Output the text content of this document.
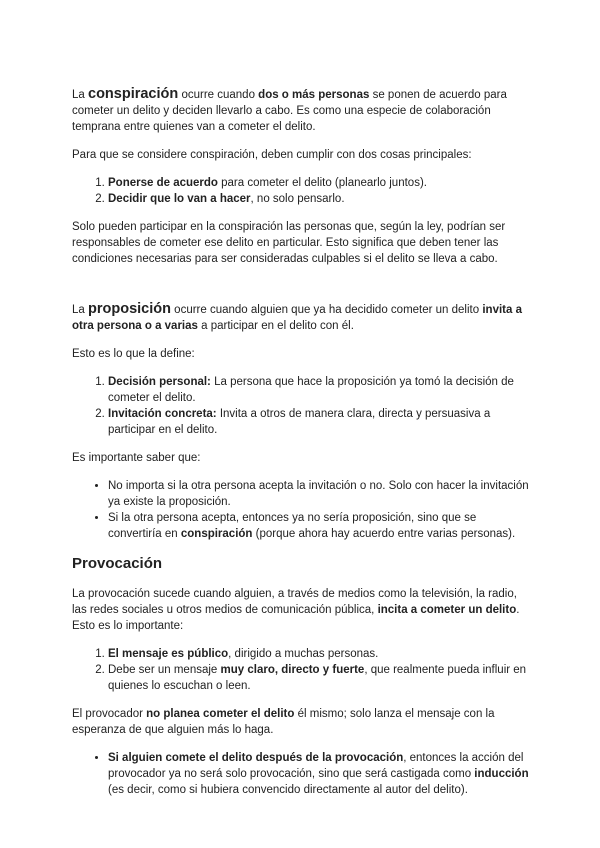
La conspiración ocurre cuando dos o más personas se ponen de acuerdo para cometer un delito y deciden llevarlo a cabo. Es como una especie de colaboración temprana entre quienes van a cometer el delito.

Para que se considere conspiración, deben cumplir con dos cosas principales:

1. Ponerse de acuerdo para cometer el delito (planearlo juntos).
2. Decidir que lo van a hacer, no solo pensarlo.

Solo pueden participar en la conspiración las personas que, según la ley, podrían ser responsables de cometer ese delito en particular. Esto significa que deben tener las condiciones necesarias para ser consideradas culpables si el delito se lleva a cabo.

La proposición ocurre cuando alguien que ya ha decidido cometer un delito invita a otra persona o a varias a participar en el delito con él.

Esto es lo que la define:

1. Decisión personal: La persona que hace la proposición ya tomó la decisión de cometer el delito.
2. Invitación concreta: Invita a otros de manera clara, directa y persuasiva a participar en el delito.

Es importante saber que:

• No importa si la otra persona acepta la invitación o no. Solo con hacer la invitación ya existe la proposición.
• Si la otra persona acepta, entonces ya no sería proposición, sino que se convertiría en conspiración (porque ahora hay acuerdo entre varias personas).
Provocación

La provocación sucede cuando alguien, a través de medios como la televisión, la radio, las redes sociales u otros medios de comunicación pública, incita a cometer un delito. Esto es lo importante:

1. El mensaje es público, dirigido a muchas personas.
2. Debe ser un mensaje muy claro, directo y fuerte, que realmente pueda influir en quienes lo escuchan o leen.

El provocador no planea cometer el delito él mismo; solo lanza el mensaje con la esperanza de que alguien más lo haga.

• Si alguien comete el delito después de la provocación, entonces la acción del provocador ya no será solo provocación, sino que será castigada como inducción (es decir, como si hubiera convencido directamente al autor del delito).
